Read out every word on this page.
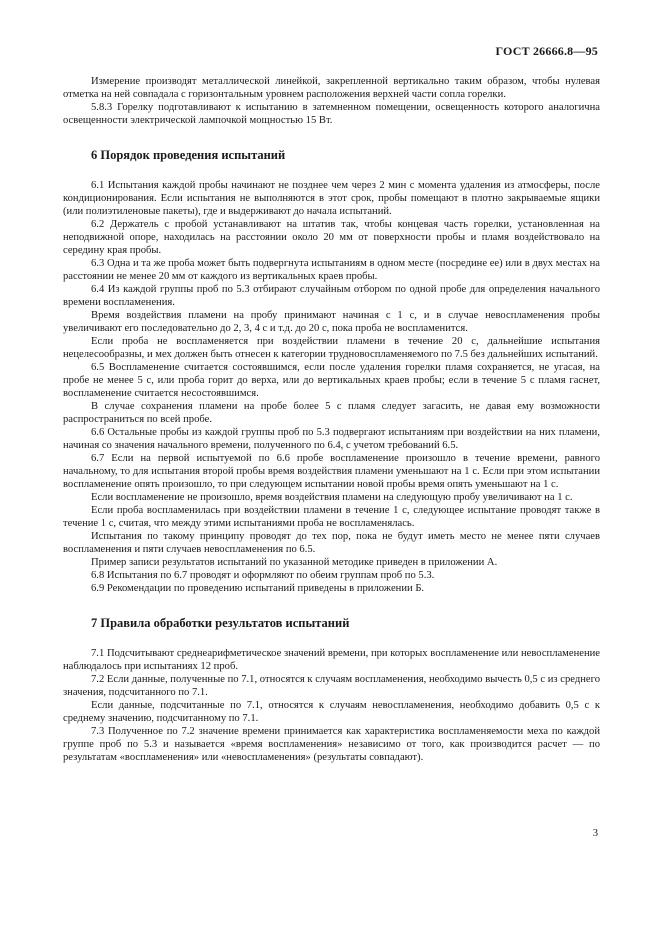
ГОСТ 26666.8—95

Измерение производят металлической линейкой, закрепленной вертикально таким образом, чтобы нулевая отметка на ней совпадала с горизонтальным уровнем расположения верхней части сопла горелки.

5.8.3 Горелку подготавливают к испытанию в затемненном помещении, освещенность которого аналогична освещенности электрической лампочкой мощностью 15 Вт.

6 Порядок проведения испытаний

6.1 Испытания каждой пробы начинают не позднее чем через 2 мин с момента удаления из атмосферы, после кондиционирования. Если испытания не выполняются в этот срок, пробы помещают в плотно закрываемые ящики (или полиэтиленовые пакеты), где и выдерживают до начала испытаний.

6.2 Держатель с пробой устанавливают на штатив так, чтобы концевая часть горелки, установленная на неподвижной опоре, находилась на расстоянии около 20 мм от поверхности пробы и пламя воздействовало на середину края пробы.

6.3 Одна и та же проба может быть подвергнута испытаниям в одном месте (посредине ее) или в двух местах на расстоянии не менее 20 мм от каждого из вертикальных краев пробы.

6.4 Из каждой группы проб по 5.3 отбирают случайным отбором по одной пробе для определения начального времени воспламенения.

Время воздействия пламени на пробу принимают начиная с 1 с, и в случае невоспламенения пробы увеличивают его последовательно до 2, 3, 4 с и т.д. до 20 с, пока проба не воспламенится.

Если проба не воспламеняется при воздействии пламени в течение 20 с, дальнейшие испытания нецелесообразны, и мех должен быть отнесен к категории трудновоспламеняемого по 7.5 без дальнейших испытаний.

6.5 Воспламенение считается состоявшимся, если после удаления горелки пламя сохраняется, не угасая, на пробе не менее 5 с, или проба горит до верха, или до вертикальных краев пробы; если в течение 5 с пламя гаснет, воспламенение считается несостоявшимся.

В случае сохранения пламени на пробе более 5 с пламя следует загасить, не давая ему возможности распространиться по всей пробе.

6.6 Остальные пробы из каждой группы проб по 5.3 подвергают испытаниям при воздействии на них пламени, начиная со значения начального времени, полученного по 6.4, с учетом требований 6.5.

6.7 Если на первой испытуемой по 6.6 пробе воспламенение произошло в течение времени, равного начальному, то для испытания второй пробы время воздействия пламени уменьшают на 1 с. Если при этом испытании воспламенение опять произошло, то при следующем испытании новой пробы время опять уменьшают на 1 с.

Если воспламенение не произошло, время воздействия пламени на следующую пробу увеличивают на 1 с.

Если проба воспламенилась при воздействии пламени в течение 1 с, следующее испытание проводят также в течение 1 с, считая, что между этими испытаниями проба не воспламенялась.

Испытания по такому принципу проводят до тех пор, пока не будут иметь место не менее пяти случаев воспламенения и пяти случаев невоспламенения по 6.5.

Пример записи результатов испытаний по указанной методике приведен в приложении А.

6.8 Испытания по 6.7 проводят и оформляют по обеим группам проб по 5.3.

6.9 Рекомендации по проведению испытаний приведены в приложении Б.

7 Правила обработки результатов испытаний

7.1 Подсчитывают среднеарифметическое значений времени, при которых воспламенение или невоспламенение наблюдалось при испытаниях 12 проб.

7.2 Если данные, полученные по 7.1, относятся к случаям воспламенения, необходимо вычесть 0,5 с из среднего значения, подсчитанного по 7.1.

Если данные, подсчитанные по 7.1, относятся к случаям невоспламенения, необходимо добавить 0,5 с к среднему значению, подсчитанному по 7.1.

7.3 Полученное по 7.2 значение времени принимается как характеристика воспламеняемости меха по каждой группе проб по 5.3 и называется «время воспламенения» независимо от того, как производится расчет — по результатам «воспламенения» или «невоспламенения» (результаты совпадают).

3
